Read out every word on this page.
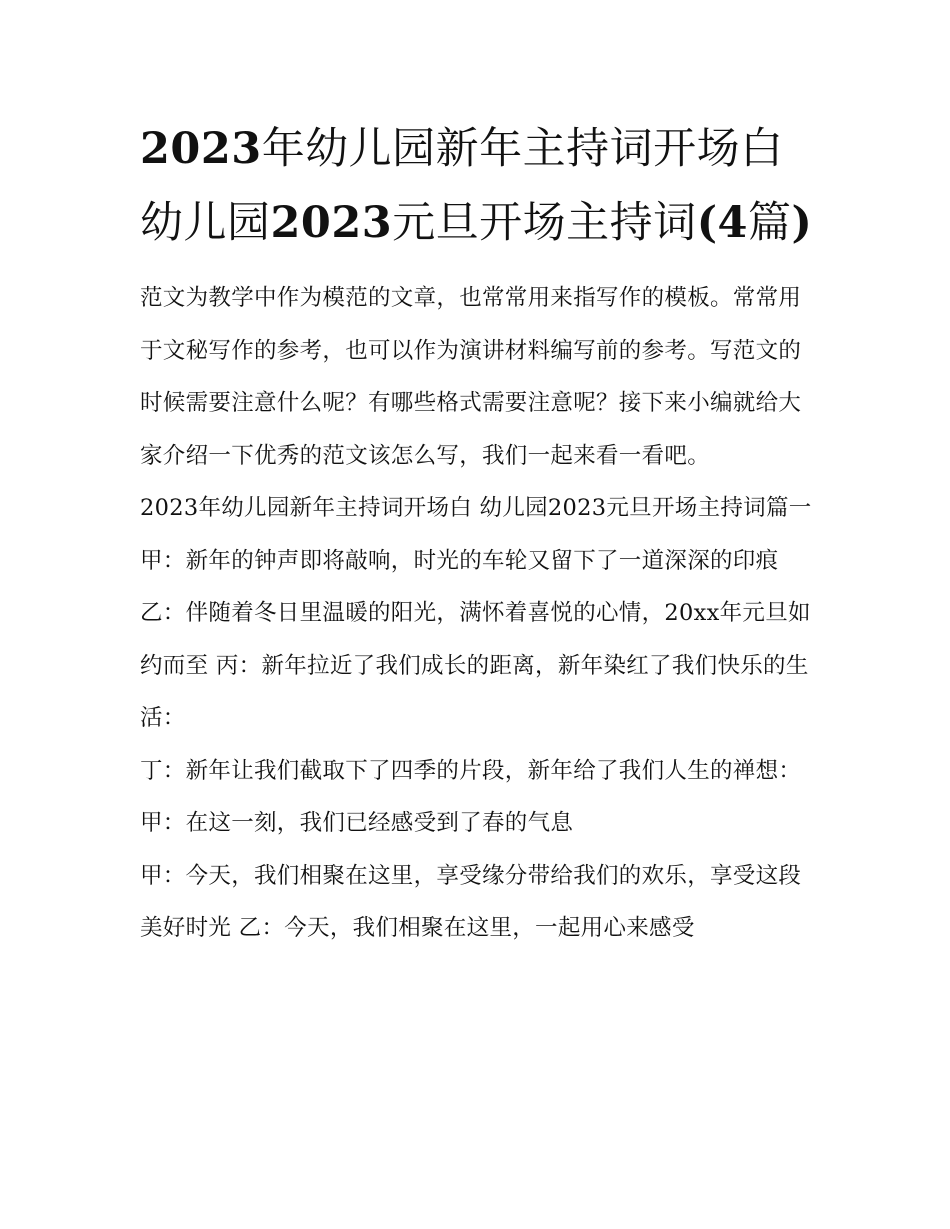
2023年幼儿园新年主持词开场白 幼儿园2023元旦开场主持词(4篇)

范文为教学中作为模范的文章，也常常用来指写作的模板。常常用于文秘写作的参考，也可以作为演讲材料编写前的参考。写范文的时候需要注意什么呢？有哪些格式需要注意呢？接下来小编就给大家介绍一下优秀的范文该怎么写，我们一起来看一看吧。

2023年幼儿园新年主持词开场白 幼儿园2023元旦开场主持词篇一 甲：新年的钟声即将敲响，时光的车轮又留下了一道深深的印痕

乙：伴随着冬日里温暖的阳光，满怀着喜悦的心情，20xx年元旦如约而至 丙：新年拉近了我们成长的距离，新年染红了我们快乐的生活：

丁：新年让我们截取下了四季的片段，新年给了我们人生的禅想： 甲：在这一刻，我们已经感受到了春的气息

甲：今天，我们相聚在这里，享受缘分带给我们的欢乐，享受这段美好时光 乙：今天，我们相聚在这里，一起用心来感受
